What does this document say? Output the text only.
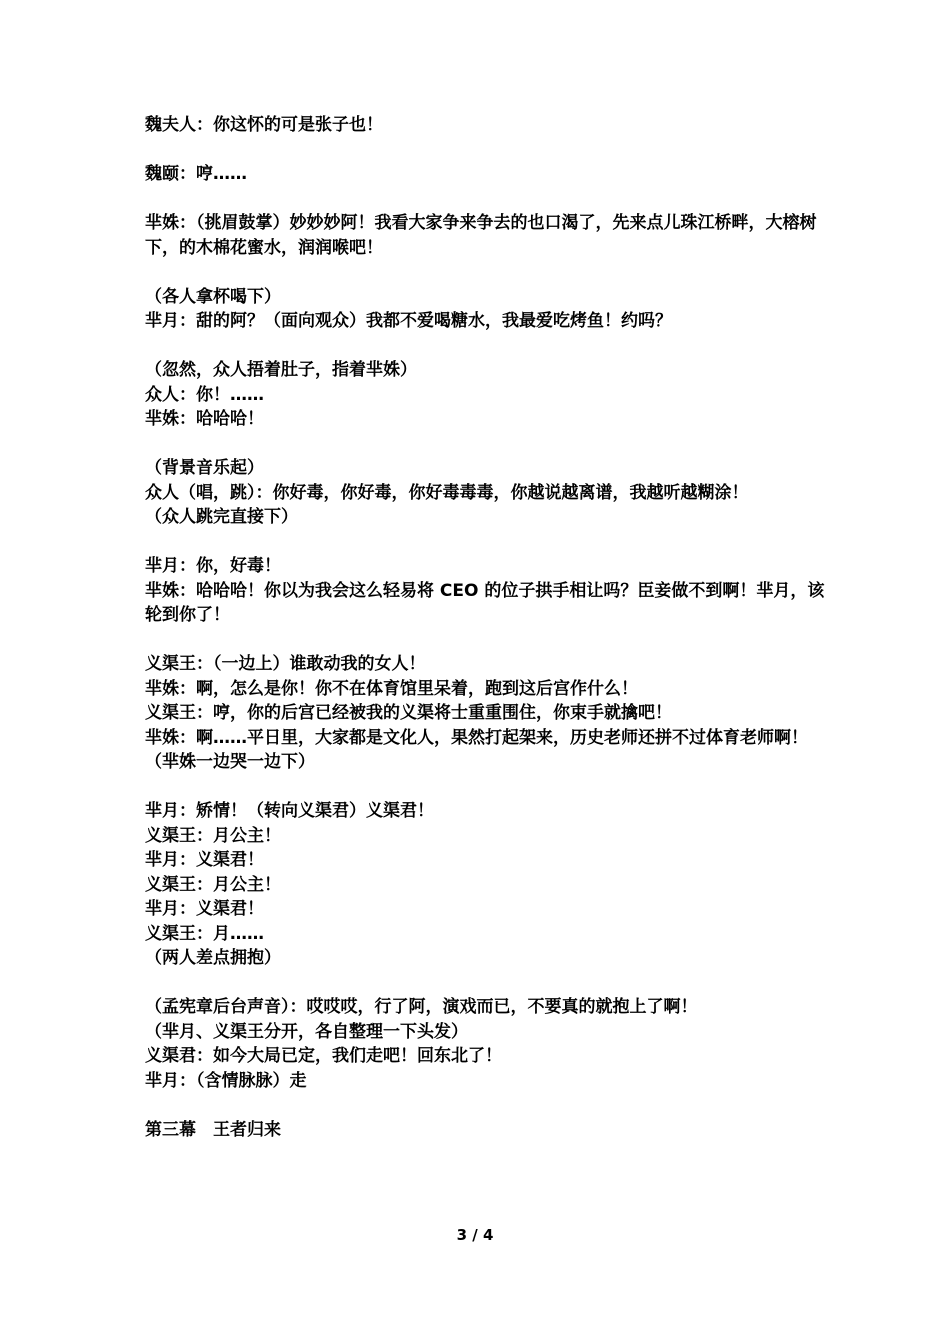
魏夫人：你这怀的可是张子也！

魏颐：哼……

芈姝：（挑眉鼓掌）妙妙妙阿！我看大家争来争去的也口渴了，先来点儿珠江桥畔，大榕树下，的木棉花蜜水，润润喉吧！

（各人拿杯喝下）

芈月：甜的阿？（面向观众）我都不爱喝糖水，我最爱吃烤鱼！约吗？

（忽然，众人捂着肚子，指着芈姝）

众人：你！……

芈姝：哈哈哈！

（背景音乐起）

众人（唱，跳）：你好毒，你好毒，你好毒毒毒，你越说越离谱，我越听越糊涂！

（众人跳完直接下）

芈月：你，好毒！

芈姝：哈哈哈！你以为我会这么轻易将 CEO 的位子拱手相让吗？臣妾做不到啊！芈月，该轮到你了！

义渠王：（一边上）谁敢动我的女人！

芈姝：啊，怎么是你！你不在体育馆里呆着，跑到这后宫作什么！

义渠王：哼，你的后宫已经被我的义渠将士重重围住，你束手就擒吧！

芈姝：啊……平日里，大家都是文化人，果然打起架来，历史老师还拼不过体育老师啊！

（芈姝一边哭一边下）

芈月：矫情！（转向义渠君）义渠君！

义渠王：月公主！

芈月：义渠君！

义渠王：月公主！

芈月：义渠君！

义渠王：月……

（两人差点拥抱）

（孟宪章后台声音）：哎哎哎，行了阿，演戏而已，不要真的就抱上了啊！

（芈月、义渠王分开，各自整理一下头发）

义渠君：如今大局已定，我们走吧！回东北了！

芈月：（含情脉脉）走

第三幕　王者归来

3 / 4
